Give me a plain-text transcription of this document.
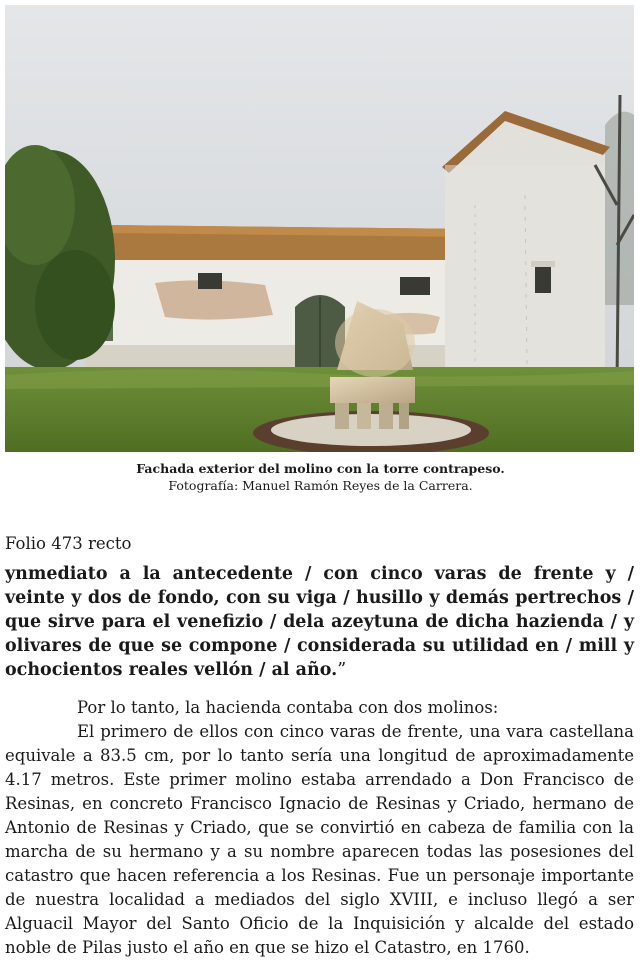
Fachada exterior del molino con la torre contrapeso.
Fotografía: Manuel Ramón Reyes de la Carrera.
Folio 473 recto

ynmediato a la antecedente / con cinco varas de frente y / veinte y dos de fondo, con su viga / husillo y demás pertrechos / que sirve para el venefizio / dela azeytuna de dicha hazienda / y olivares de que se compone / considerada su utilidad en / mill y ochocientos reales vellón / al año.”

Por lo tanto, la hacienda contaba con dos molinos:

El primero de ellos con cinco varas de frente, una vara castellana equivale a 83.5 cm, por lo tanto sería una longitud de aproximadamente 4.17 metros. Este primer molino estaba arrendado a Don Francisco de Resinas, en concreto Francisco Ignacio de Resinas y Criado, hermano de Antonio de Resinas y Criado, que se convirtió en cabeza de familia con la marcha de su hermano y a su nombre aparecen todas las posesiones del catastro que hacen referencia a los Resinas. Fue un personaje importante de nuestra localidad a mediados del siglo XVIII, e incluso llegó a ser Alguacil Mayor del Santo Oficio de la Inquisición y alcalde del estado noble de Pilas justo el año en que se hizo el Catastro, en 1760.
